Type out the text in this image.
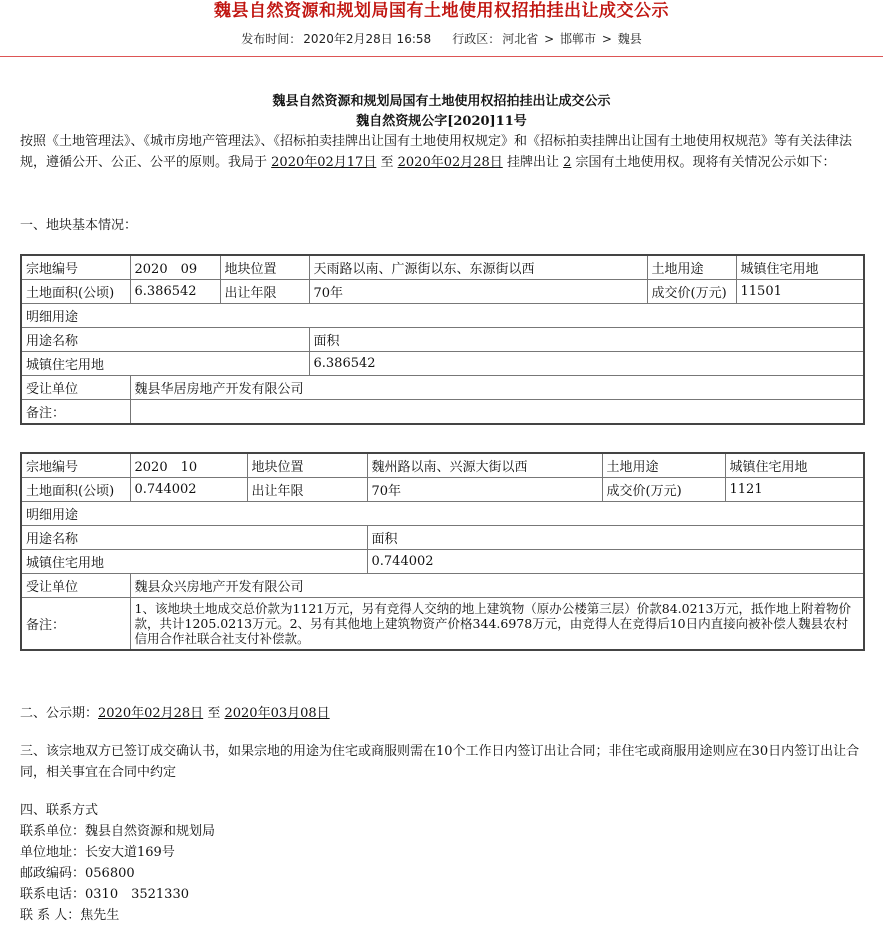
魏县自然资源和规划局国有土地使用权招拍挂出让成交公示
发布时间： 2020年2月28日 16:58 行政区： 河北省 > 邯郸市 > 魏县
魏县自然资源和规划局国有土地使用权招拍挂出让成交公示
魏自然资规公字[2020]11号
按照《土地管理法》、《城市房地产管理法》、《招标拍卖挂牌出让国有土地使用权规定》和《招标拍卖挂牌出让国有土地使用权规范》等有关法律法规，遵循公开、公正、公平的原则。我局于 2020年02月17日 至 2020年02月28日 挂牌出让 2 宗国有土地使用权。现将有关情况公示如下：
一、地块基本情况：
宗地编号	2020　09	地块位置	天雨路以南、广源街以东、东源街以西	土地用途	城镇住宅用地
土地面积(公顷)	6.386542	出让年限	70年	成交价(万元)	11501
明细用途					
用途名称			面积		
城镇住宅用地			6.386542		
受让单位	魏县华居房地产开发有限公司				
备注：					
宗地编号	2020　10	地块位置	魏州路以南、兴源大街以西	土地用途	城镇住宅用地
土地面积(公顷)	0.744002	出让年限	70年	成交价(万元)	1121
明细用途					
用途名称			面积		
城镇住宅用地			0.744002		
受让单位	魏县众兴房地产开发有限公司				
备注：	1、该地块土地成交总价款为1121万元，另有竞得人交纳的地上建筑物（原办公楼第三层）价款84.0213万元，抵作地上附着物价款，共计1205.0213万元。2、另有其他地上建筑物资产价格344.6978万元，由竞得人在竞得后10日内直接向被补偿人魏县农村信用合作社联合社支付补偿款。				
二、公示期：2020年02月28日 至 2020年03月08日
三、该宗地双方已签订成交确认书，如果宗地的用途为住宅或商服则需在10个工作日内签订出让合同；非住宅或商服用途则应在30日内签订出让合同，相关事宜在合同中约定
四、联系方式
联系单位：魏县自然资源和规划局
单位地址：长安大道169号
邮政编码：056800
联系电话：0310　3521330
联 系 人：焦先生
